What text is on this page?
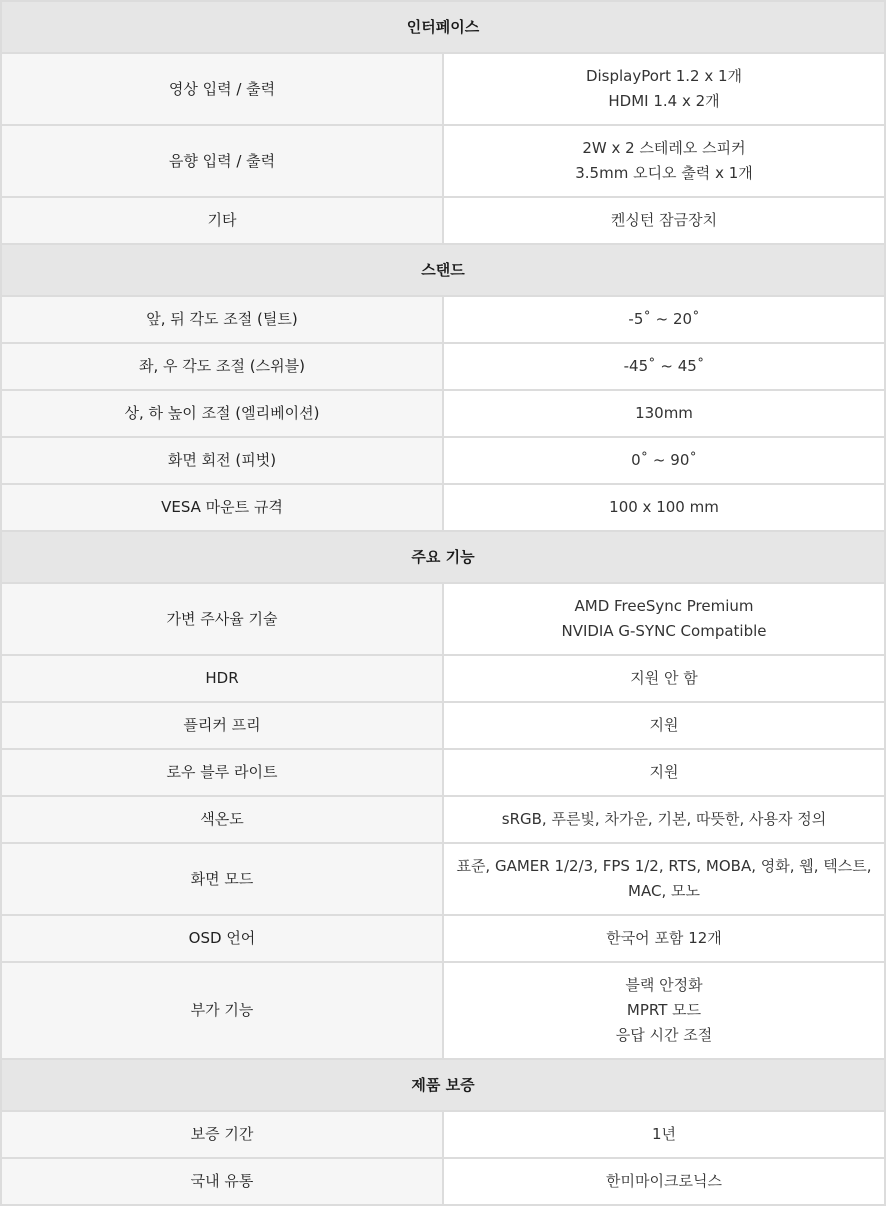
인터페이스	
영상 입력 / 출력	DisplayPort 1.2 x 1개
HDMI 1.4 x 2개

음향 입력 / 출력	2W x 2 스테레오 스피커
3.5mm 오디오 출력 x 1개

기타	켄싱턴 잠금장치

스탠드	
앞, 뒤 각도 조절 (틸트)	-5˚ ~ 20˚

좌, 우 각도 조절 (스위블)	-45˚ ~ 45˚

상, 하 높이 조절 (엘리베이션)	130mm

화면 회전 (피벗)	0˚ ~ 90˚

VESA 마운트 규격	100 x 100 mm

주요 기능	
가변 주사율 기술	AMD FreeSync Premium
NVIDIA G-SYNC Compatible

HDR	지원 안 함

플리커 프리	지원

로우 블루 라이트	지원

색온도	sRGB, 푸른빛, 차가운, 기본, 따뜻한, 사용자 정의

화면 모드	표준, GAMER 1/2/3, FPS 1/2, RTS, MOBA, 영화, 웹, 텍스트, MAC, 모노

OSD 언어	한국어 포함 12개

부가 기능	블랙 안정화
MPRT 모드
응답 시간 조절

제품 보증	
보증 기간	1년

국내 유통	한미마이크로닉스
